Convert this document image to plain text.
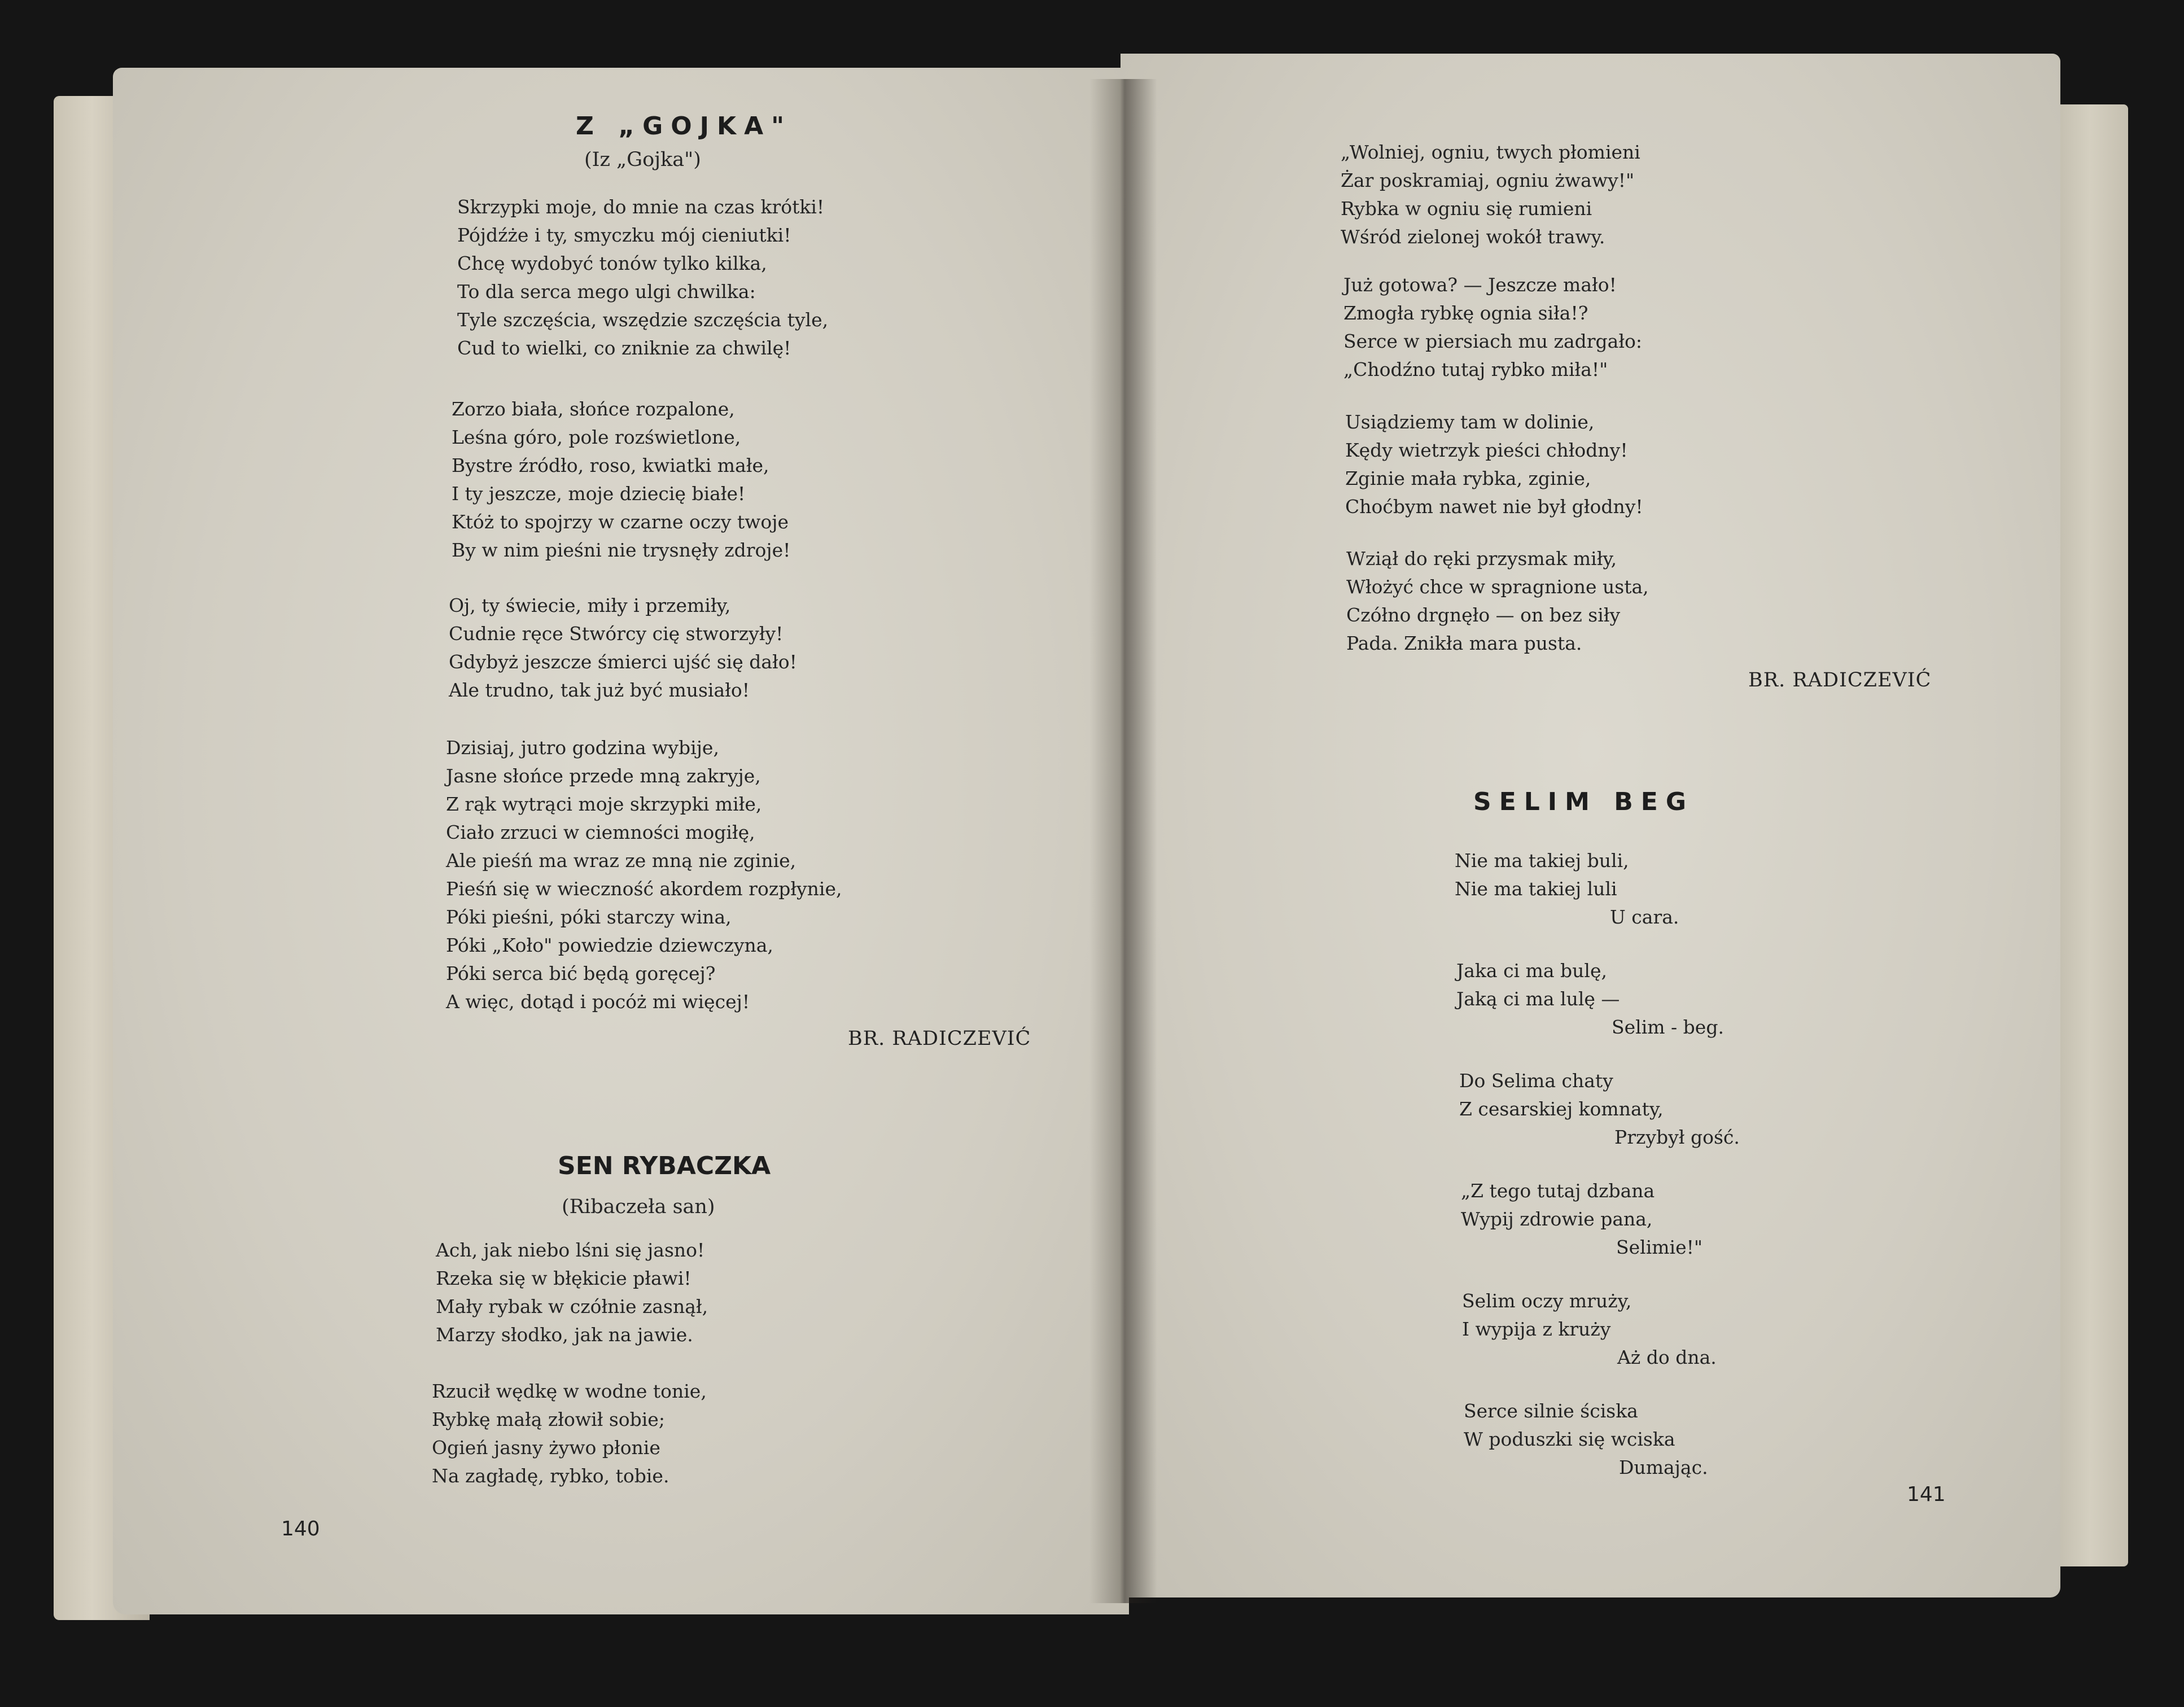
Z „GOJKA"
(Iz „Gojka")
Skrzypki moje, do mnie na czas krótki!
Pójdźże i ty, smyczku mój cieniutki!
Chcę wydobyć tonów tylko kilka,
To dla serca mego ulgi chwilka:
Tyle szczęścia, wszędzie szczęścia tyle,
Cud to wielki, co zniknie za chwilę!
Zorzo biała, słońce rozpalone,
Leśna góro, pole rozświetlone,
Bystre źródło, roso, kwiatki małe,
I ty jeszcze, moje dziecię białe!
Któż to spojrzy w czarne oczy twoje
By w nim pieśni nie trysnęły zdroje!
Oj, ty świecie, miły i przemiły,
Cudnie ręce Stwórcy cię stworzyły!
Gdybyż jeszcze śmierci ujść się dało!
Ale trudno, tak już być musiało!
Dzisiaj, jutro godzina wybije,
Jasne słońce przede mną zakryje,
Z rąk wytrąci moje skrzypki miłe,
Ciało zrzuci w ciemności mogiłę,
Ale pieśń ma wraz ze mną nie zginie,
Pieśń się w wieczność akordem rozpłynie,
Póki pieśni, póki starczy wina,
Póki „Koło" powiedzie dziewczyna,
Póki serca bić będą goręcej?
A więc, dotąd i pocóż mi więcej!
BR. RADICZEVIĆ
SEN RYBACZKA
(Ribaczeła san)
Ach, jak niebo lśni się jasno!
Rzeka się w błękicie pławi!
Mały rybak w czółnie zasnął,
Marzy słodko, jak na jawie.
Rzucił wędkę w wodne tonie,
Rybkę małą złowił sobie;
Ogień jasny żywo płonie
Na zagładę, rybko, tobie.
140
„Wolniej, ogniu, twych płomieni
Żar poskramiaj, ogniu żwawy!"
Rybka w ogniu się rumieni
Wśród zielonej wokół trawy.
Już gotowa? — Jeszcze mało!
Zmogła rybkę ognia siła!?
Serce w piersiach mu zadrgało:
„Chodźno tutaj rybko miła!"
Usiądziemy tam w dolinie,
Kędy wietrzyk pieści chłodny!
Zginie mała rybka, zginie,
Choćbym nawet nie był głodny!
Wziął do ręki przysmak miły,
Włożyć chce w spragnione usta,
Czółno drgnęło — on bez siły
Pada. Znikła mara pusta.
BR. RADICZEVIĆ
SELIM BEG
Nie ma takiej buli,
Nie ma takiej luli
U cara.
Jaka ci ma bulę,
Jaką ci ma lulę —
Selim - beg.
Do Selima chaty
Z cesarskiej komnaty,
Przybył gość.
„Z tego tutaj dzbana
Wypij zdrowie pana,
Selimie!"
Selim oczy mruży,
I wypija z kruży
Aż do dna.
Serce silnie ściska
W poduszki się wciska
Dumając.
141
